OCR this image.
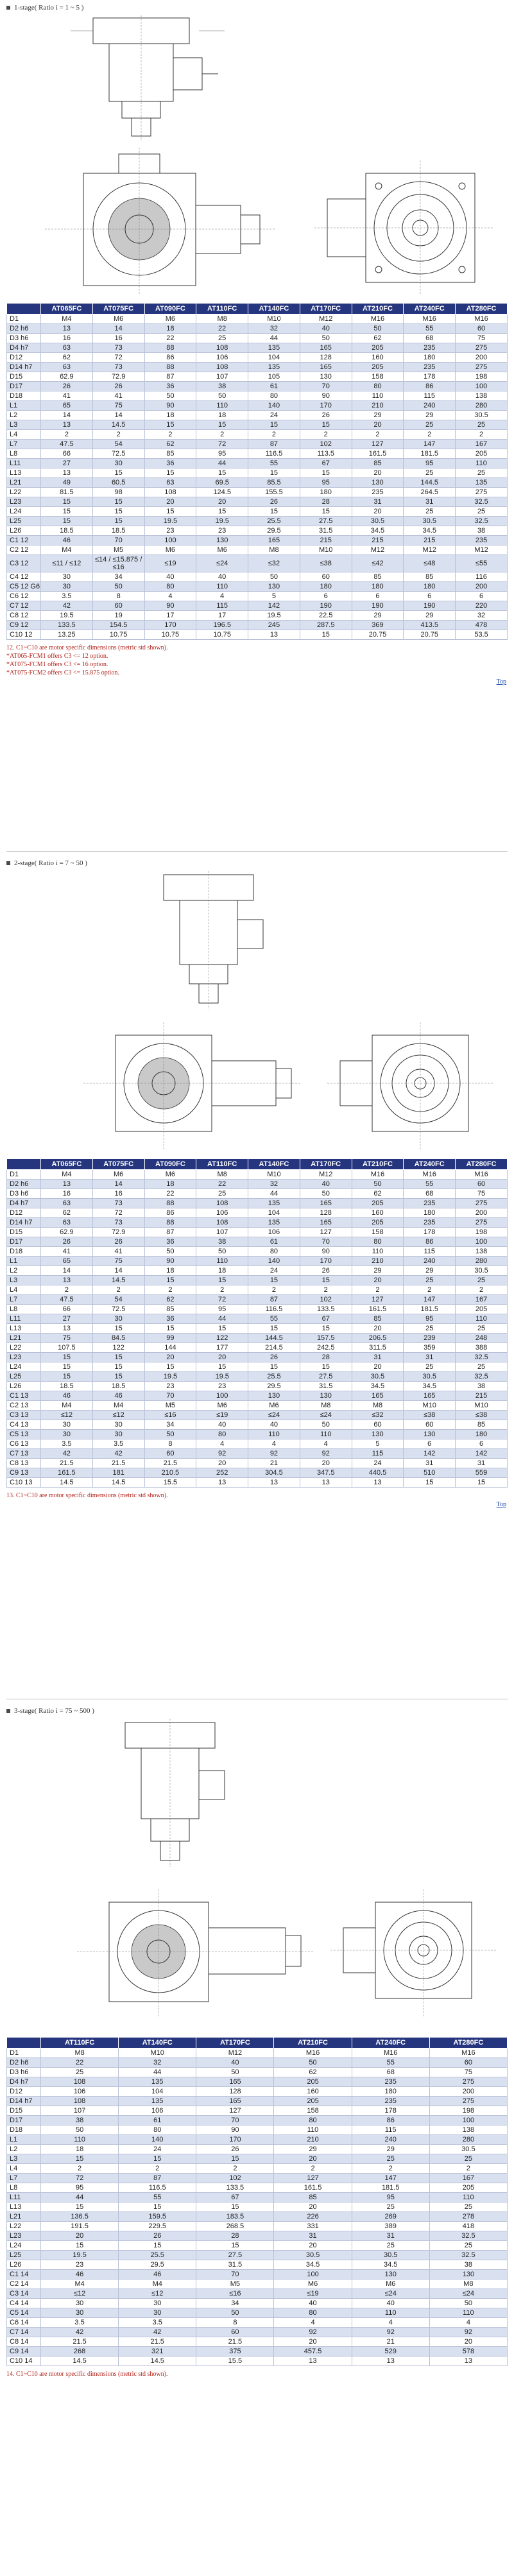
1-stage( Ratio i = 1 ~ 5 )
	AT065FC	AT075FC	AT090FC	AT110FC	AT140FC	AT170FC	AT210FC	AT240FC	AT280FC
D1	M4	M6	M6	M8	M10	M12	M16	M16	M16
D2 h6	13	14	18	22	32	40	50	55	60
D3 h6	16	16	22	25	44	50	62	68	75
D4 h7	63	73	88	108	135	165	205	235	275
D12	62	72	86	106	104	128	160	180	200
D14 h7	63	73	88	108	135	165	205	235	275
D15	62.9	72.9	87	107	105	130	158	178	198
D17	26	26	36	38	61	70	80	86	100
D18	41	41	50	50	80	90	110	115	138
L1	65	75	90	110	140	170	210	240	280
L2	14	14	18	18	24	26	29	29	30.5
L3	13	14.5	15	15	15	15	20	25	25
L4	2	2	2	2	2	2	2	2	2
L7	47.5	54	62	72	87	102	127	147	167
L8	66	72.5	85	95	116.5	113.5	161.5	181.5	205
L11	27	30	36	44	55	67	85	95	110
L13	13	15	15	15	15	15	20	25	25
L21	49	60.5	63	69.5	85.5	95	130	144.5	135
L22	81.5	98	108	124.5	155.5	180	235	264.5	275
L23	15	15	20	20	26	28	31	31	32.5
L24	15	15	15	15	15	15	20	25	25
L25	15	15	19.5	19.5	25.5	27.5	30.5	30.5	32.5
L26	18.5	18.5	23	23	29.5	31.5	34.5	34.5	38
C1 12	46	70	100	130	165	215	215	215	235
C2 12	M4	M5	M6	M6	M8	M10	M12	M12	M12
C3 12	≤11 / ≤12	≤14 / ≤15.875 / ≤16	≤19	≤24	≤32	≤38	≤42	≤48	≤55
C4 12	30	34	40	40	50	60	85	85	116
C5 12 G6	30	50	80	110	130	180	180	180	200
C6 12	3.5	8	4	4	5	6	6	6	6
C7 12	42	60	90	115	142	190	190	190	220
C8 12	19.5	19	17	17	19.5	22.5	29	29	32
C9 12	133.5	154.5	170	196.5	245	287.5	369	413.5	478
C10 12	13.25	10.75	10.75	10.75	13	15	20.75	20.75	53.5
12. C1~C10 are motor specific dimensions (metric std shown).
*AT065-FCM1 offers C3 <= 12 option.
*AT075-FCM1 offers C3 <= 16 option.
*AT075-FCM2 offers C3 <= 15.875 option.
Top
2-stage( Ratio i = 7 ~ 50 )
	AT065FC	AT075FC	AT090FC	AT110FC	AT140FC	AT170FC	AT210FC	AT240FC	AT280FC
D1	M4	M6	M6	M8	M10	M12	M16	M16	M16
D2 h6	13	14	18	22	32	40	50	55	60
D3 h6	16	16	22	25	44	50	62	68	75
D4 h7	63	73	88	108	135	165	205	235	275
D12	62	72	86	106	104	128	160	180	200
D14 h7	63	73	88	108	135	165	205	235	275
D15	62.9	72.9	87	107	106	127	158	178	198
D17	26	26	36	38	61	70	80	86	100
D18	41	41	50	50	80	90	110	115	138
L1	65	75	90	110	140	170	210	240	280
L2	14	14	18	18	24	26	29	29	30.5
L3	13	14.5	15	15	15	15	20	25	25
L4	2	2	2	2	2	2	2	2	2
L7	47.5	54	62	72	87	102	127	147	167
L8	66	72.5	85	95	116.5	133.5	161.5	181.5	205
L11	27	30	36	44	55	67	85	95	110
L13	13	15	15	15	15	15	20	25	25
L21	75	84.5	99	122	144.5	157.5	206.5	239	248
L22	107.5	122	144	177	214.5	242.5	311.5	359	388
L23	15	15	20	20	26	28	31	31	32.5
L24	15	15	15	15	15	15	20	25	25
L25	15	15	19.5	19.5	25.5	27.5	30.5	30.5	32.5
L26	18.5	18.5	23	23	29.5	31.5	34.5	34.5	38
C1 13	46	46	70	100	130	130	165	165	215
C2 13	M4	M4	M5	M6	M6	M8	M8	M10	M10
C3 13	≤12	≤12	≤16	≤19	≤24	≤24	≤32	≤38	≤38
C4 13	30	30	34	40	40	50	60	60	85
C5 13	30	30	50	80	110	110	130	130	180
C6 13	3.5	3.5	8	4	4	4	5	6	6
C7 13	42	42	60	92	92	92	115	142	142
C8 13	21.5	21.5	21.5	20	21	20	24	31	31
C9 13	161.5	181	210.5	252	304.5	347.5	440.5	510	559
C10 13	14.5	14.5	15.5	13	13	13	13	15	15
13. C1~C10 are motor specific dimensions (metric std shown).
Top
3-stage( Ratio i = 75 ~ 500 )
	AT110FC	AT140FC	AT170FC	AT210FC	AT240FC	AT280FC
D1	M8	M10	M12	M16	M16	M16
D2 h6	22	32	40	50	55	60
D3 h6	25	44	50	62	68	75
D4 h7	108	135	165	205	235	275
D12	106	104	128	160	180	200
D14 h7	108	135	165	205	235	275
D15	107	106	127	158	178	198
D17	38	61	70	80	86	100
D18	50	80	90	110	115	138
L1	110	140	170	210	240	280
L2	18	24	26	29	29	30.5
L3	15	15	15	20	25	25
L4	2	2	2	2	2	2
L7	72	87	102	127	147	167
L8	95	116.5	133.5	161.5	181.5	205
L11	44	55	67	85	95	110
L13	15	15	15	20	25	25
L21	136.5	159.5	183.5	226	269	278
L22	191.5	229.5	268.5	331	389	418
L23	20	26	28	31	31	32.5
L24	15	15	15	20	25	25
L25	19.5	25.5	27.5	30.5	30.5	32.5
L26	23	29.5	31.5	34.5	34.5	38
C1 14	46	46	70	100	130	130
C2 14	M4	M4	M5	M6	M6	M8
C3 14	≤12	≤12	≤16	≤19	≤24	≤24
C4 14	30	30	34	40	40	50
C5 14	30	30	50	80	110	110
C6 14	3.5	3.5	8	4	4	4
C7 14	42	42	60	92	92	92
C8 14	21.5	21.5	21.5	20	21	20
C9 14	268	321	375	457.5	529	578
C10 14	14.5	14.5	15.5	13	13	13
14. C1~C10 are motor specific dimensions (metric std shown).
